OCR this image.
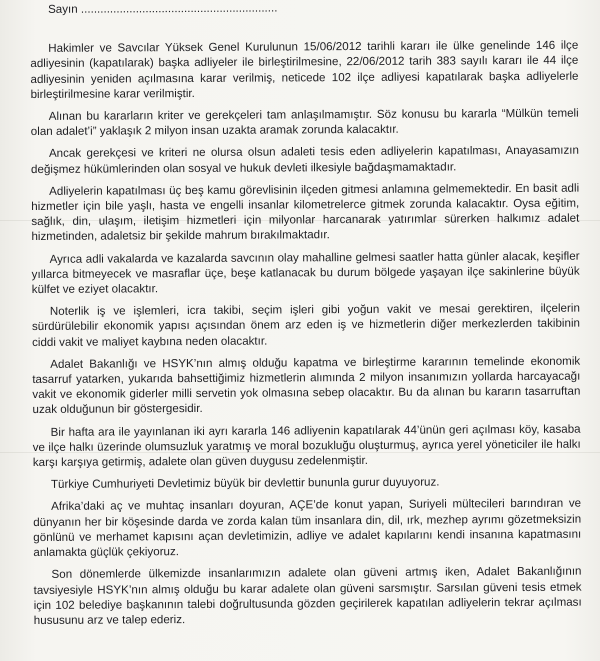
Sayın .............................................................

Hakimler ve Savcılar Yüksek Genel Kurulunun 15/06/2012 tarihli kararı ile ülke genelinde 146 ilçe adliyesinin (kapatılarak) başka adliyeler ile birleştirilmesine, 22/06/2012 tarih 383 sayılı kararı ile 44 ilçe adliyesinin yeniden açılmasına karar verilmiş, neticede 102 ilçe adliyesi kapatılarak başka adliyelerle birleştirilmesine karar verilmiştir.

Alınan bu kararların kriter ve gerekçeleri tam anlaşılmamıştır. Söz konusu bu kararla “Mülkün temeli olan adalet’i” yaklaşık 2 milyon insan uzakta aramak zorunda kalacaktır.

Ancak gerekçesi ve kriteri ne olursa olsun adaleti tesis eden adliyelerin kapatılması, Anayasamızın değişmez hükümlerinden olan sosyal ve hukuk devleti ilkesiyle bağdaşmamaktadır.

Adliyelerin kapatılması üç beş kamu görevlisinin ilçeden gitmesi anlamına gelmemektedir. En basit adli hizmetler için bile yaşlı, hasta ve engelli insanlar kilometrelerce gitmek zorunda kalacaktır. Oysa eğitim, sağlık, din, ulaşım, iletişim hizmetleri için milyonlar harcanarak yatırımlar sürerken halkımız adalet hizmetinden, adaletsiz bir şekilde mahrum bırakılmaktadır.

Ayrıca adli vakalarda ve kazalarda savcının olay mahalline gelmesi saatler hatta günler alacak, keşifler yıllarca bitmeyecek ve masraflar üçe, beşe katlanacak bu durum bölgede yaşayan ilçe sakinlerine büyük külfet ve eziyet olacaktır.

Noterlik iş ve işlemleri, icra takibi, seçim işleri gibi yoğun vakit ve mesai gerektiren, ilçelerin sürdürülebilir ekonomik yapısı açısından önem arz eden iş ve hizmetlerin diğer merkezlerden takibinin ciddi vakit ve maliyet kaybına neden olacaktır.

Adalet Bakanlığı ve HSYK’nın almış olduğu kapatma ve birleştirme kararının temelinde ekonomik tasarruf yatarken, yukarıda bahsettiğimiz hizmetlerin alımında 2 milyon insanımızın yollarda harcayacağı vakit ve ekonomik giderler milli servetin yok olmasına sebep olacaktır. Bu da alınan bu kararın tasarruftan uzak olduğunun bir göstergesidir.

Bir hafta ara ile yayınlanan iki ayrı kararla 146 adliyenin kapatılarak 44’ünün geri açılması köy, kasaba ve ilçe halkı üzerinde olumsuzluk yaratmış ve moral bozukluğu oluşturmuş, ayrıca yerel yöneticiler ile halkı karşı karşıya getirmiş, adalete olan güven duygusu zedelenmiştir.

Türkiye Cumhuriyeti Devletimiz büyük bir devlettir bununla gurur duyuyoruz.

Afrika’daki aç ve muhtaç insanları doyuran, AÇE’de konut yapan, Suriyeli mültecileri barındıran ve dünyanın her bir köşesinde darda ve zorda kalan tüm insanlara din, dil, ırk, mezhep ayrımı gözetmeksizin gönlünü ve merhamet kapısını açan devletimizin, adliye ve adalet kapılarını kendi insanına kapatmasını anlamakta güçlük çekiyoruz.

Son dönemlerde ülkemizde insanlarımızın adalete olan güveni artmış iken, Adalet Bakanlığının tavsiyesiyle HSYK’nın almış olduğu bu karar adalete olan güveni sarsmıştır. Sarsılan güveni tesis etmek için 102 belediye başkanının talebi doğrultusunda gözden geçirilerek kapatılan adliyelerin tekrar açılması hususunu arz ve talep ederiz.
